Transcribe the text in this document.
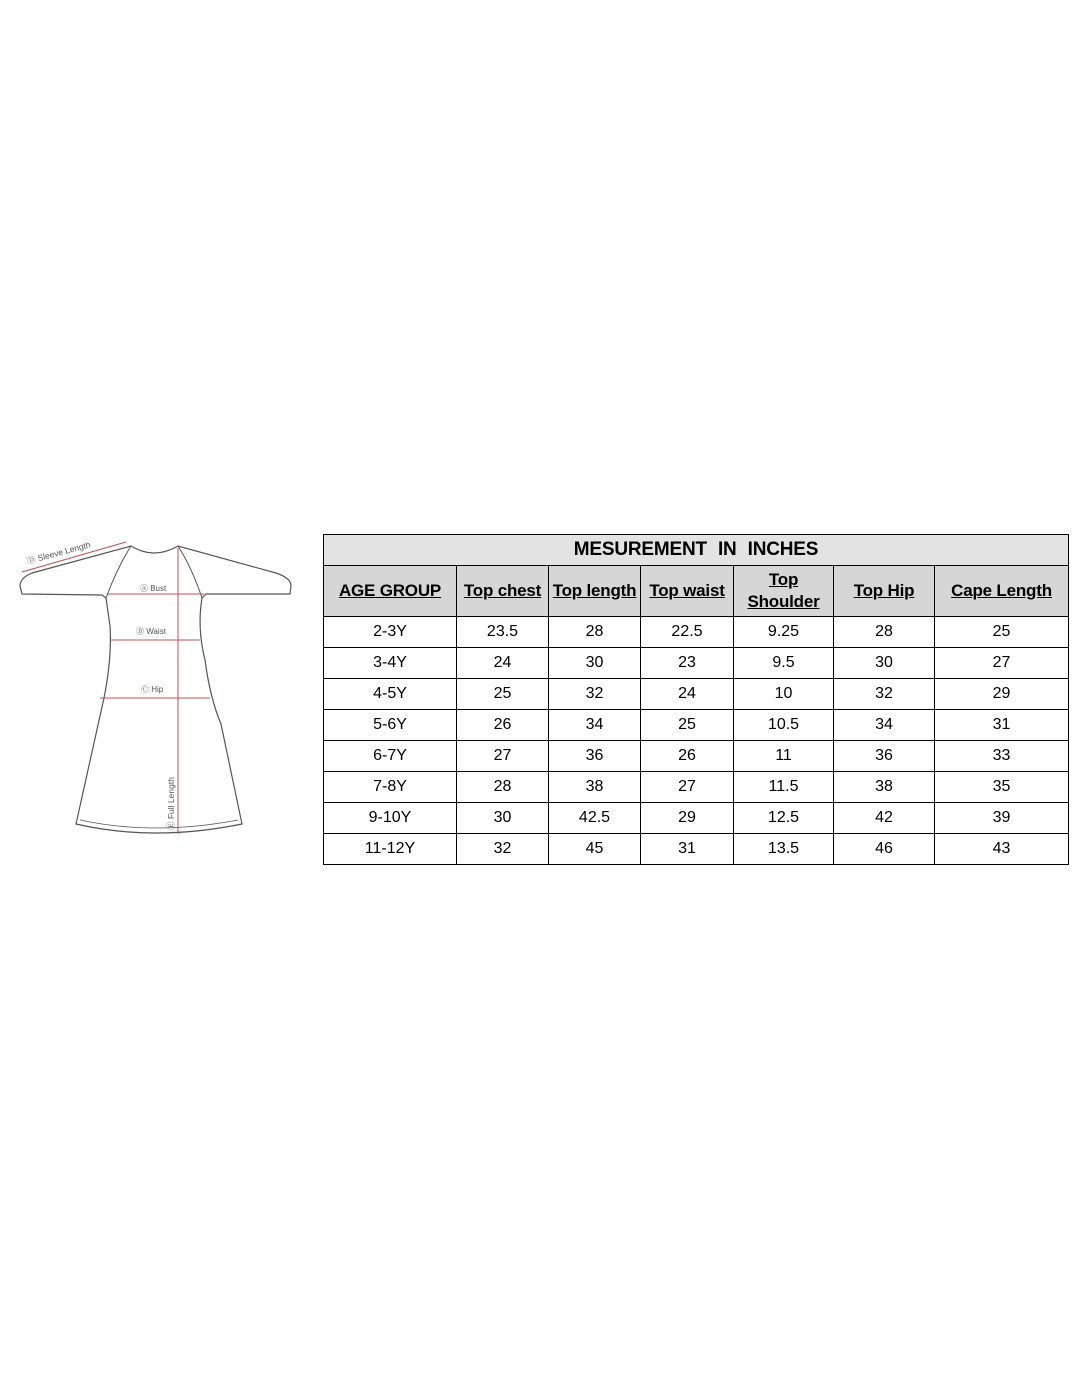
Ⓓ Sleeve Length
Ⓐ Bust
Ⓑ Waist
Ⓒ Hip
Ⓔ Full Length
MESUREMENT IN INCHES						
AGE GROUP	Top chest	Top length	Top waist	Top Shoulder	Top Hip	Cape Length
2-3Y	23.5	28	22.5	9.25	28	25
3-4Y	24	30	23	9.5	30	27
4-5Y	25	32	24	10	32	29
5-6Y	26	34	25	10.5	34	31
6-7Y	27	36	26	11	36	33
7-8Y	28	38	27	11.5	38	35
9-10Y	30	42.5	29	12.5	42	39
11-12Y	32	45	31	13.5	46	43
